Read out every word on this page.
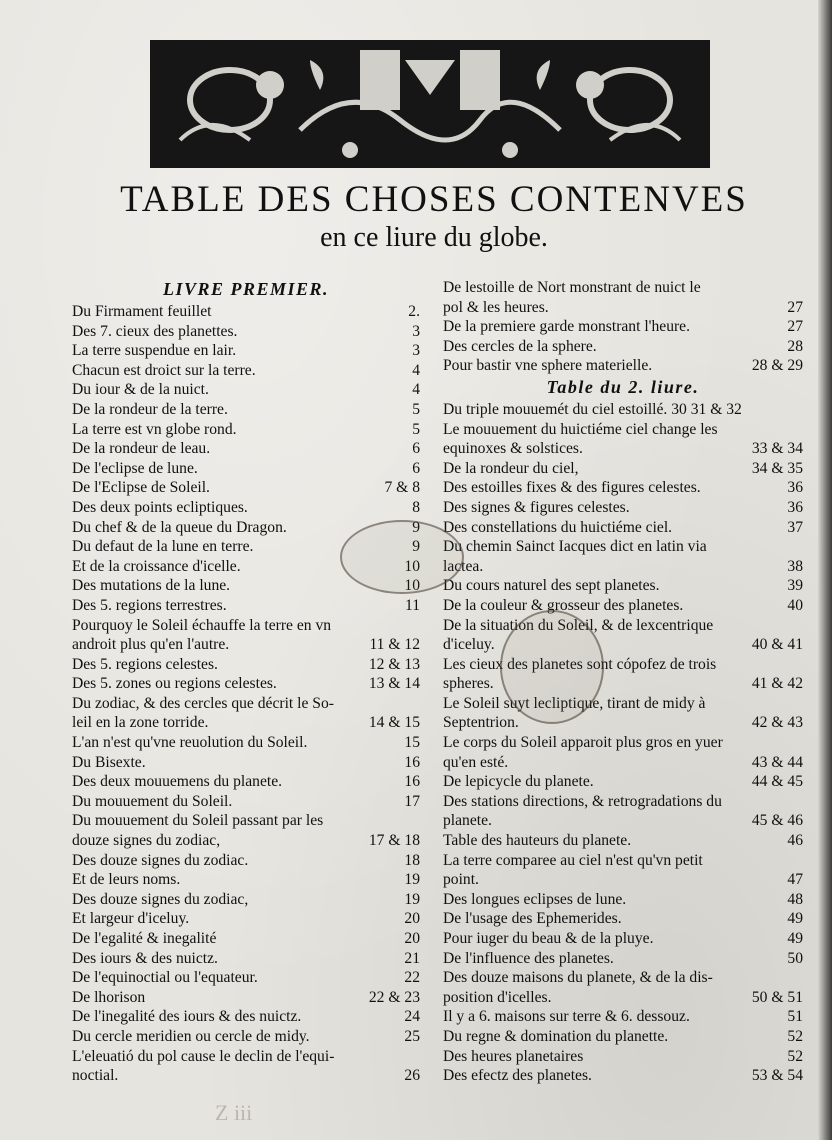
TABLE DES CHOSES CONTENVES
en ce liure du globe.
LIVRE PREMIER.
Du Firmament feuillet	2.
Des 7. cieux des planettes.	3
La terre suspendue en lair.	3
Chacun est droict sur la terre.	4
Du iour & de la nuict.	4
De la rondeur de la terre.	5
La terre est vn globe rond.	5
De la rondeur de leau.	6
De l'eclipse de lune.	6
De l'Eclipse de Soleil.	7 & 8
Des deux points ecliptiques.	8
Du chef & de la queue du Dragon.	9
Du defaut de la lune en terre.	9
Et de la croissance d'icelle.	10
Des mutations de la lune.	10
Des 5. regions terrestres.	11
Pourquoy le Soleil échauffe la terre en vn
androit plus qu'en l'autre.	11 & 12
Des 5. regions celestes.	12 & 13
Des 5. zones ou regions celestes.	13 & 14
Du zodiac, & des cercles que décrit le So-
leil en la zone torride.	14 & 15
L'an n'est qu'vne reuolution du Soleil.	15
Du Bisexte.	16
Des deux mouuemens du planete.	16
Du mouuement du Soleil.	17
Du mouuement du Soleil passant par les
douze signes du zodiac,	17 & 18
Des douze signes du zodiac.	18
Et de leurs noms.	19
Des douze signes du zodiac,	19
Et largeur d'iceluy.	20
De l'egalité & inegalité	20
Des iours & des nuictz.	21
De l'equinoctial ou l'equateur.	22
De lhorison	22 & 23
De l'inegalité des iours & des nuictz.	24
Du cercle meridien ou cercle de midy.	25
L'eleuatió du pol cause le declin de l'equi-
noctial.	26
De lestoille de Nort monstrant de nuict le
pol & les heures.	27
De la premiere garde monstrant l'heure.	27
Des cercles de la sphere.	28
Pour bastir vne sphere materielle.	28 & 29
Table du 2. liure.
Du triple mouuemét du ciel estoillé. 30 31 & 32
Le mouuement du huictiéme ciel change les
equinoxes & solstices.	33 & 34
De la rondeur du ciel,	34 & 35
Des estoilles fixes & des figures celestes.	36
Des signes & figures celestes.	36
Des constellations du huictiéme ciel.	37
Du chemin Sainct Iacques dict en latin via
lactea.	38
Du cours naturel des sept planetes.	39
De la couleur & grosseur des planetes.	40
De la situation du Soleil, & de lexcentrique
d'iceluy.	40 & 41
Les cieux des planetes sont cópofez de trois
spheres.	41 & 42
Le Soleil suyt lecliptique, tirant de midy à
Septentrion.	42 & 43
Le corps du Soleil apparoit plus gros en yuer
qu'en esté.	43 & 44
De lepicycle du planete.	44 & 45
Des stations directions, & retrogradations du
planete.	45 & 46
Table des hauteurs du planete.	46
La terre comparee au ciel n'est qu'vn petit
point.	47
Des longues eclipses de lune.	48
De l'usage des Ephemerides.	49
Pour iuger du beau & de la pluye.	49
De l'influence des planetes.	50
Des douze maisons du planete, & de la dis-
position d'icelles.	50 & 51
Il y a 6. maisons sur terre & 6. dessouz.	51
Du regne & domination du planette.	52
Des heures planetaires	52
Des efectz des planetes.	53 & 54
Z iii
